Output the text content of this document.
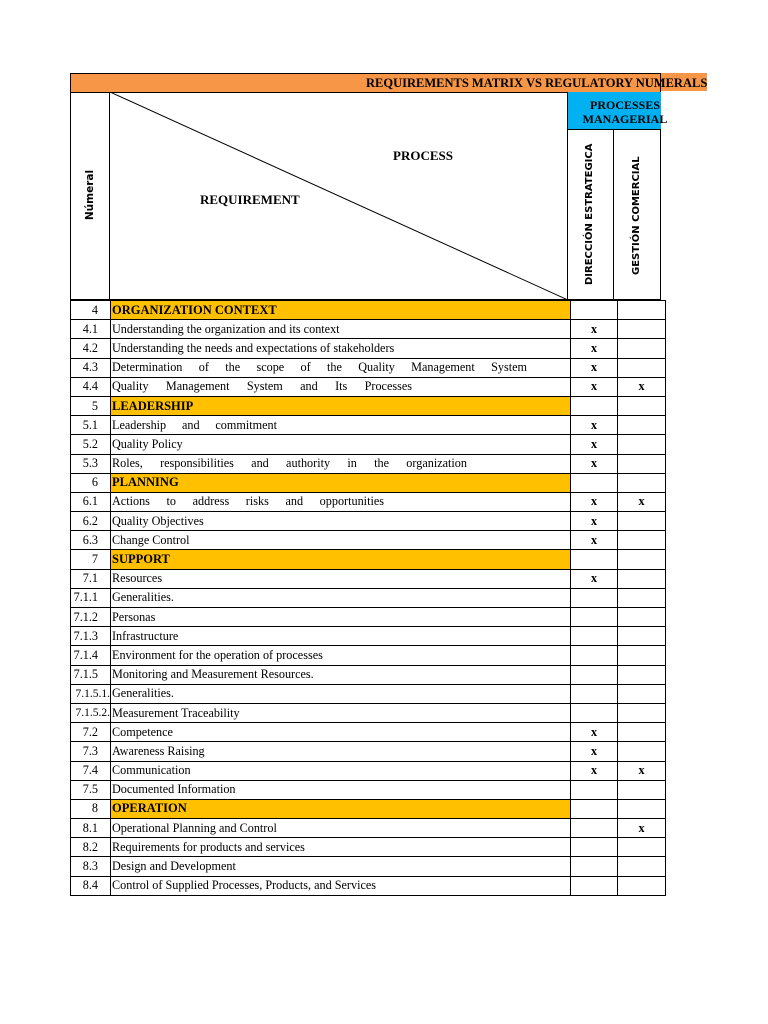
REQUIREMENTS MATRIX VS REGULATORY NUMERALS
Númeral
PROCESS
REQUIREMENT
PROCESSES MANAGERIAL
DIRECCIÓN ESTRATEGICA	GESTIÓN COMERCIAL
4	ORGANIZATION CONTEXT		
4.1	Understanding the organization and its context	x	
4.2	Understanding the needs and expectations of stakeholders	x	
4.3	Determination of the scope of the Quality Management System	x	
4.4	Quality Management System and Its Processes	x	x
5	LEADERSHIP		
5.1	Leadership and commitment	x	
5.2	Quality Policy	x	
5.3	Roles, responsibilities and authority in the organization	x	
6	PLANNING		
6.1	Actions to address risks and opportunities	x	x
6.2	Quality Objectives	x	
6.3	Change Control	x	
7	SUPPORT		
7.1	Resources	x	
7.1.1	Generalities.		
7.1.2	Personas		
7.1.3	Infrastructure		
7.1.4	Environment for the operation of processes		
7.1.5	Monitoring and Measurement Resources.		
7.1.5.1.	Generalities.		
7.1.5.2.	Measurement Traceability		
7.2	Competence	x	
7.3	Awareness Raising	x	
7.4	Communication	x	x
7.5	Documented Information		
8	OPERATION		
8.1	Operational Planning and Control		x
8.2	Requirements for products and services		
8.3	Design and Development		
8.4	Control of Supplied Processes, Products, and Services		
